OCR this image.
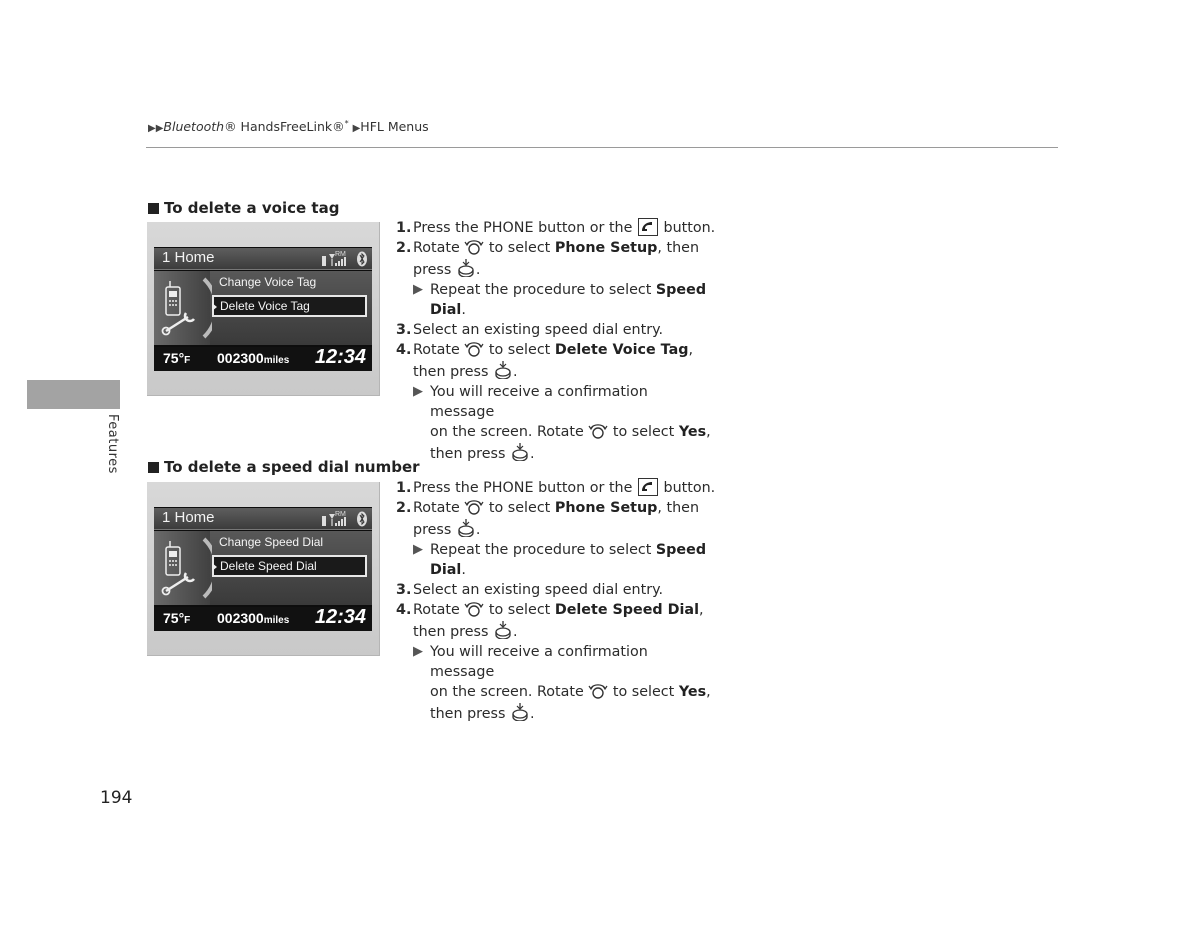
▶▶Bluetooth® HandsFreeLink®* ▶HFL Menus
Features
194
To delete a voice tag
1 Home	RM
Change Voice Tag
Delete Voice Tag
75°F 002300miles 12:34
1. Press the PHONE button or the button.
2. Rotate to select Phone Setup, then
press .
▶ Repeat the procedure to select Speed
Dial.
3. Select an existing speed dial entry.
4. Rotate to select Delete Voice Tag,
then press .
▶ You will receive a confirmation message
on the screen. Rotate to select Yes,
then press .
To delete a speed dial number
1 Home	RM
Change Speed Dial
Delete Speed Dial
75°F 002300miles 12:34
1. Press the PHONE button or the button.
2. Rotate to select Phone Setup, then
press .
▶ Repeat the procedure to select Speed
Dial.
3. Select an existing speed dial entry.
4. Rotate to select Delete Speed Dial,
then press .
▶ You will receive a confirmation message
on the screen. Rotate to select Yes,
then press .
